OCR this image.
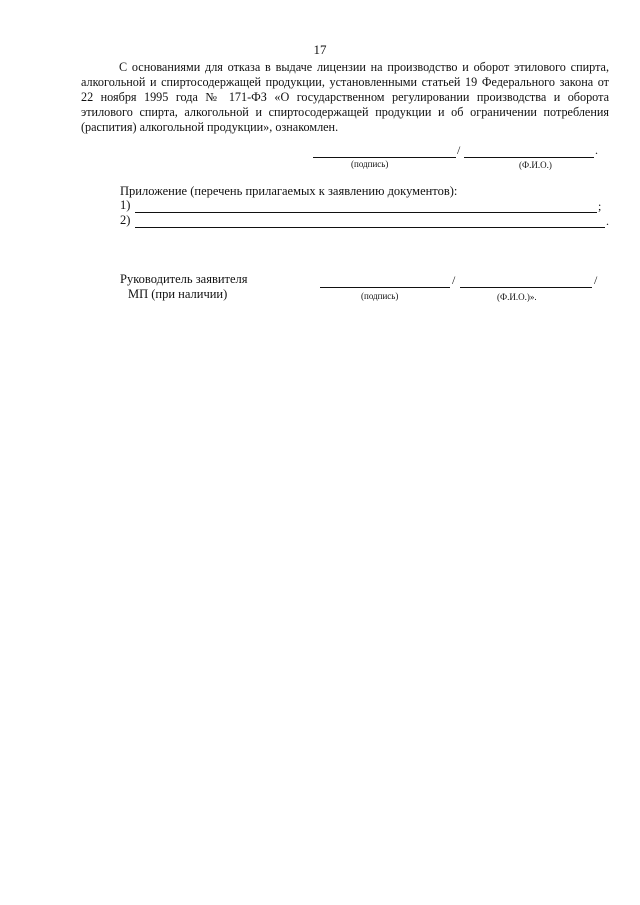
17

С основаниями для отказа в выдаче лицензии на производство и оборот этилового спирта, алкогольной и спиртосодержащей продукции, установленными статьей 19 Федерального закона от 22 ноября 1995 года № 171-ФЗ «О государственном регулировании производства и оборота этилового спирта, алкогольной и спиртосодержащей продукции и об ограничении потребления (распития) алкогольной продукции», ознакомлен.

/	.
(подпись)	(Ф.И.О.)
Приложение (перечень прилагаемых к заявлению документов):
1)	;
2)	.
Руководитель заявителя
МП (при наличии)
/	/
(подпись)	(Ф.И.О.)».
